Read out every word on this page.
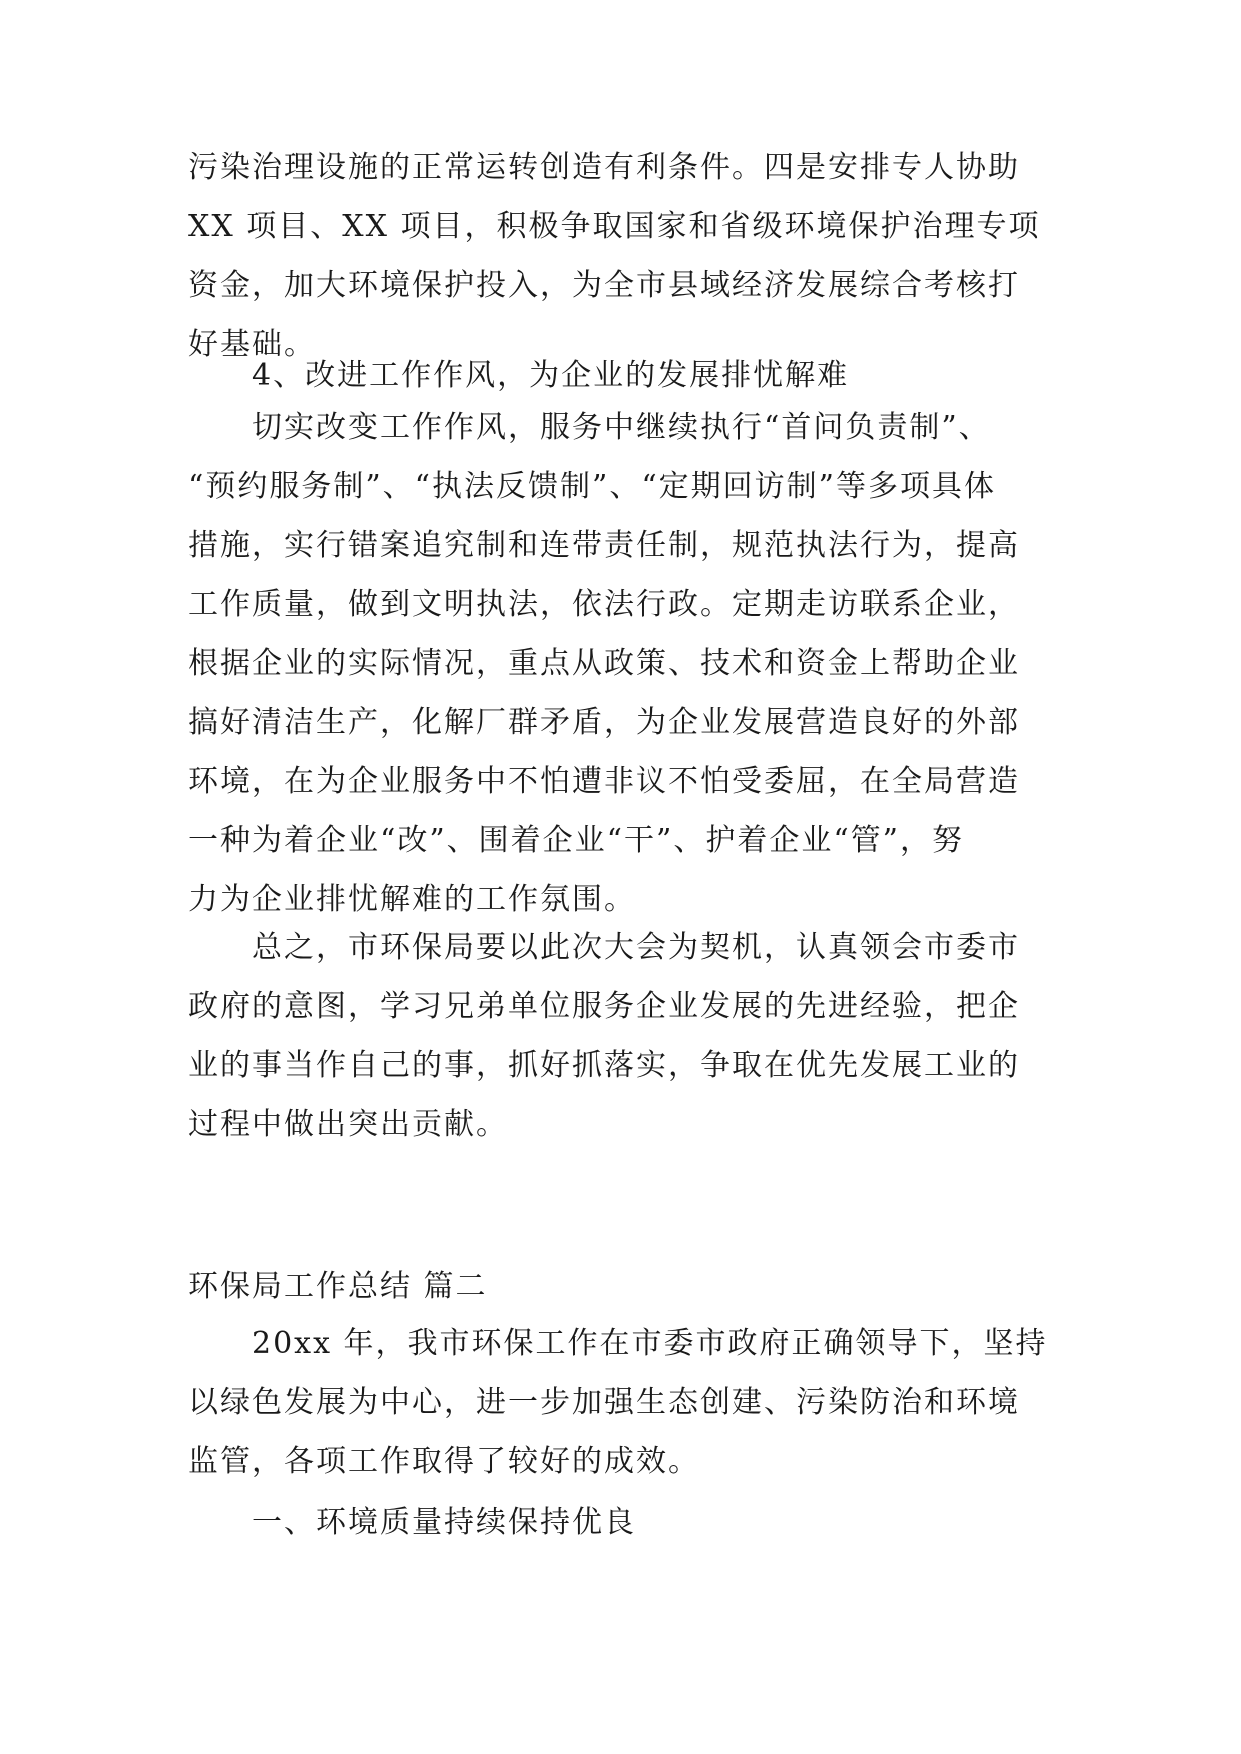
污染治理设施的正常运转创造有利条件。四是安排专人协助
XX 项目、XX 项目，积极争取国家和省级环境保护治理专项
资金，加大环境保护投入，为全市县域经济发展综合考核打
好基础。
4、改进工作作风，为企业的发展排忧解难
切实改变工作作风，服务中继续执行“首问负责制”、
“预约服务制”、“执法反馈制”、“定期回访制”等多项具体
措施，实行错案追究制和连带责任制，规范执法行为，提高
工作质量，做到文明执法，依法行政。定期走访联系企业，
根据企业的实际情况，重点从政策、技术和资金上帮助企业
搞好清洁生产，化解厂群矛盾，为企业发展营造良好的外部
环境，在为企业服务中不怕遭非议不怕受委屈，在全局营造
一种为着企业“改”、围着企业“干”、护着企业“管”，努
力为企业排忧解难的工作氛围。
总之，市环保局要以此次大会为契机，认真领会市委市
政府的意图，学习兄弟单位服务企业发展的先进经验，把企
业的事当作自己的事，抓好抓落实，争取在优先发展工业的
过程中做出突出贡献。
环保局工作总结 篇二
20xx 年，我市环保工作在市委市政府正确领导下，坚持
以绿色发展为中心，进一步加强生态创建、污染防治和环境
监管，各项工作取得了较好的成效。
一、环境质量持续保持优良
